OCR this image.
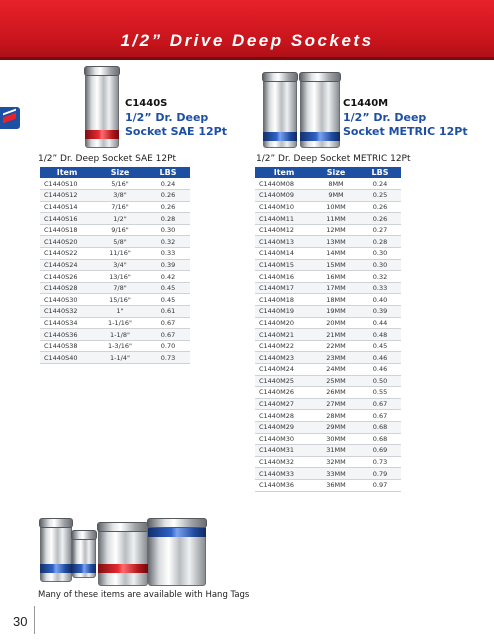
1/2” Drive Deep Sockets
C1440S
1/2” Dr. Deep
Socket SAE 12Pt
C1440M
1/2” Dr. Deep
Socket METRIC 12Pt
1/2” Dr. Deep Socket SAE 12Pt
Item	Size	LBS
C1440S10	5/16"	0.24
C1440S12	3/8"	0.26
C1440S14	7/16"	0.26
C1440S16	1/2"	0.28
C1440S18	9/16"	0.30
C1440S20	5/8"	0.32
C1440S22	11/16"	0.33
C1440S24	3/4"	0.39
C1440S26	13/16"	0.42
C1440S28	7/8"	0.45
C1440S30	15/16"	0.45
C1440S32	1"	0.61
C1440S34	1-1/16"	0.67
C1440S36	1-1/8"	0.67
C1440S38	1-3/16"	0.70
C1440S40	1-1/4"	0.73
1/2” Dr. Deep Socket METRIC 12Pt
Item	Size	LBS
C1440M08	8MM	0.24
C1440M09	9MM	0.25
C1440M10	10MM	0.26
C1440M11	11MM	0.26
C1440M12	12MM	0.27
C1440M13	13MM	0.28
C1440M14	14MM	0.30
C1440M15	15MM	0.30
C1440M16	16MM	0.32
C1440M17	17MM	0.33
C1440M18	18MM	0.40
C1440M19	19MM	0.39
C1440M20	20MM	0.44
C1440M21	21MM	0.48
C1440M22	22MM	0.45
C1440M23	23MM	0.46
C1440M24	24MM	0.46
C1440M25	25MM	0.50
C1440M26	26MM	0.55
C1440M27	27MM	0.67
C1440M28	28MM	0.67
C1440M29	29MM	0.68
C1440M30	30MM	0.68
C1440M31	31MM	0.69
C1440M32	32MM	0.73
C1440M33	33MM	0.79
C1440M36	36MM	0.97
Many of these items are available with Hang Tags
30
